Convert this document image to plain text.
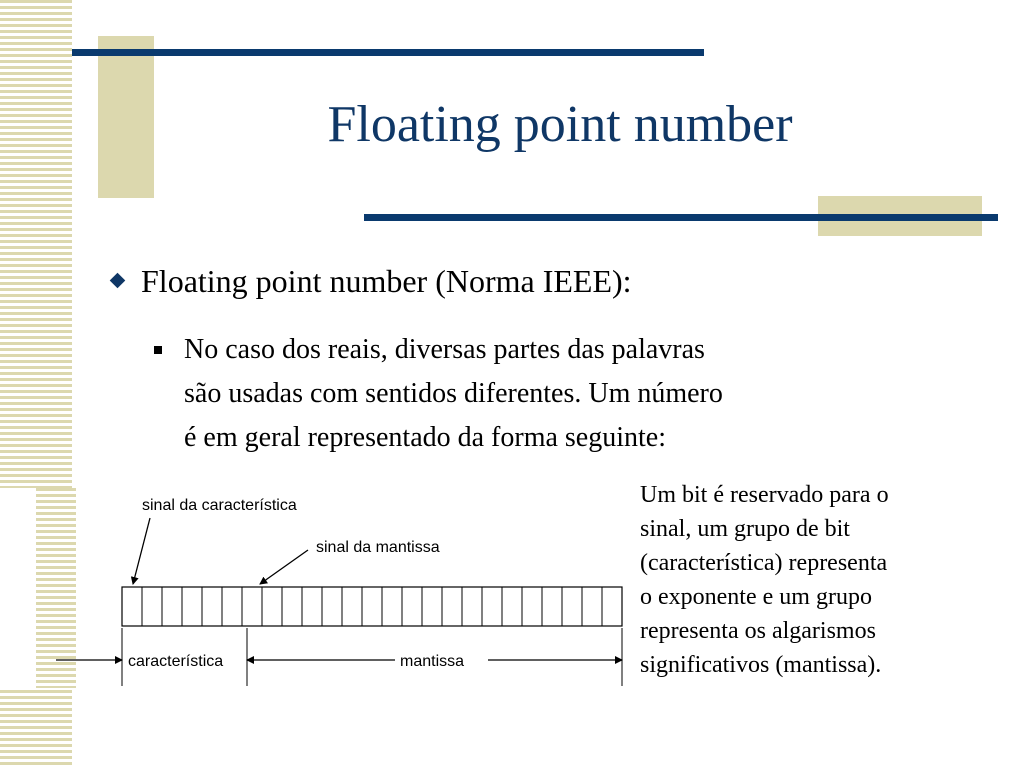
Floating point number
Floating point number (Norma IEEE):
No caso dos reais, diversas partes das palavras
são usadas com sentidos diferentes. Um número
é em geral representado da forma seguinte:
sinal da característica
sinal da mantissa
característica	mantissa
Um bit é reservado para o
sinal, um grupo de bit
(característica) representa
o exponente e um grupo
representa os algarismos
significativos (mantissa).
